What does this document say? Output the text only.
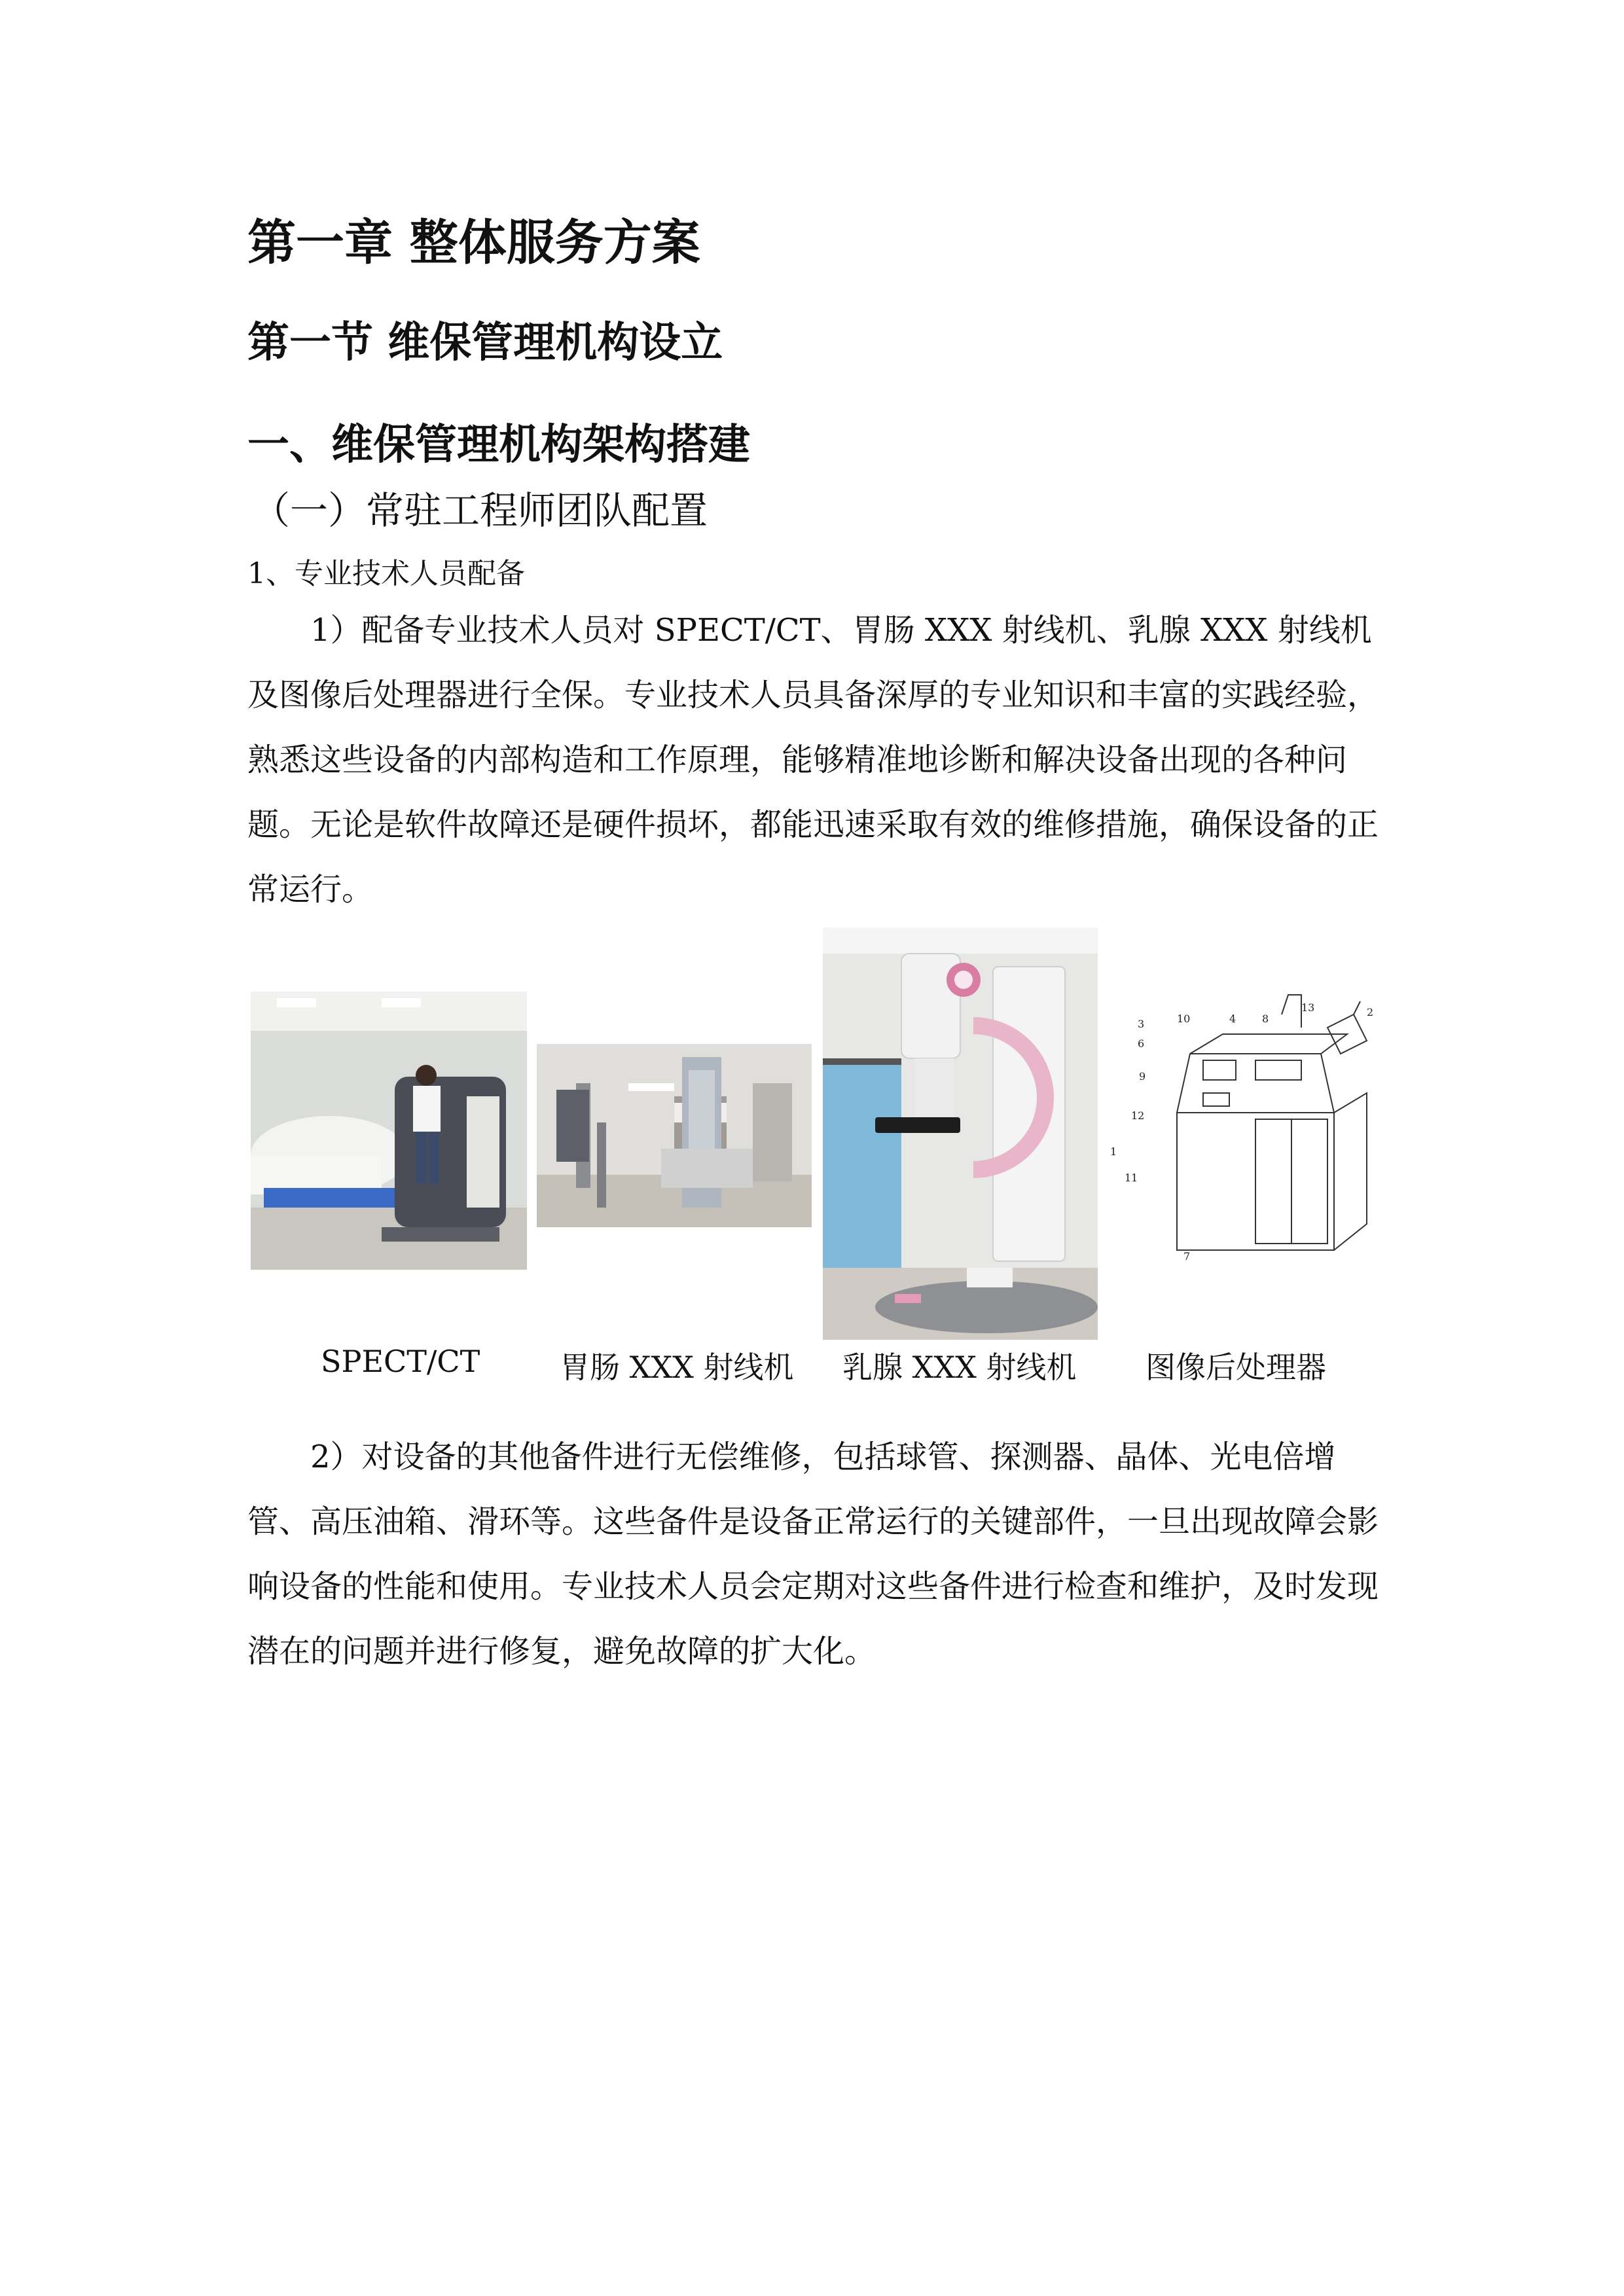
第一章 整体服务方案
第一节 维保管理机构设立
一、维保管理机构架构搭建
（一）常驻工程师团队配置
1、专业技术人员配备

1）配备专业技术人员对 SPECT/CT、胃肠 XXX 射线机、乳腺 XXX 射线机及图像后处理器进行全保。专业技术人员具备深厚的专业知识和丰富的实践经验，熟悉这些设备的内部构造和工作原理，能够精准地诊断和解决设备出现的各种问题。无论是软件故障还是硬件损坏，都能迅速采取有效的维修措施，确保设备的正常运行。

3	10	4 8
13	2
6
9
12
1
11
7
SPECT/CT	胃肠 XXX 射线机 乳腺 XXX 射线机 图像后处理器

2）对设备的其他备件进行无偿维修，包括球管、探测器、晶体、光电倍增管、高压油箱、滑环等。这些备件是设备正常运行的关键部件，一旦出现故障会影响设备的性能和使用。专业技术人员会定期对这些备件进行检查和维护，及时发现潜在的问题并进行修复，避免故障的扩大化。
